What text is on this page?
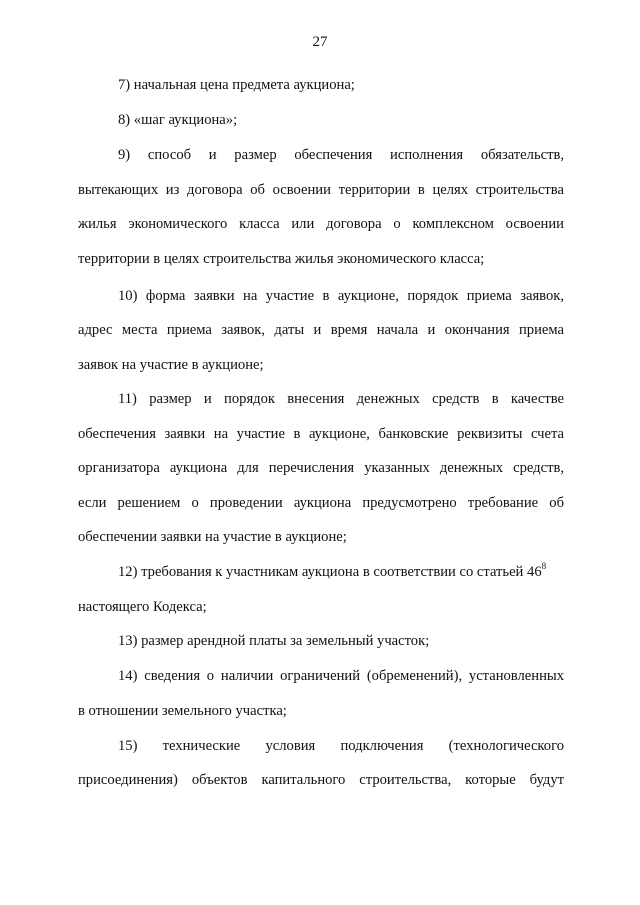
27
7) начальная цена предмета аукциона;
8) «шаг аукциона»;
9) способ и размер обеспечения исполнения обязательств,
вытекающих из договора об освоении территории в целях строительства
жилья экономического класса или договора о комплексном освоении
территории в целях строительства жилья экономического класса;
10) форма заявки на участие в аукционе, порядок приема заявок,
адрес места приема заявок, даты и время начала и окончания приема
заявок на участие в аукционе;
11) размер и порядок внесения денежных средств в качестве
обеспечения заявки на участие в аукционе, банковские реквизиты счета
организатора аукциона для перечисления указанных денежных средств,
если решением о проведении аукциона предусмотрено требование об
обеспечении заявки на участие в аукционе;
12) требования к участникам аукциона в соответствии со статьей $46^8$
настоящего Кодекса;
13) размер арендной платы за земельный участок;
14) сведения о наличии ограничений (обременений), установленных
в отношении земельного участка;
15) технические условия подключения (технологического
присоединения) объектов капитального строительства, которые будут
